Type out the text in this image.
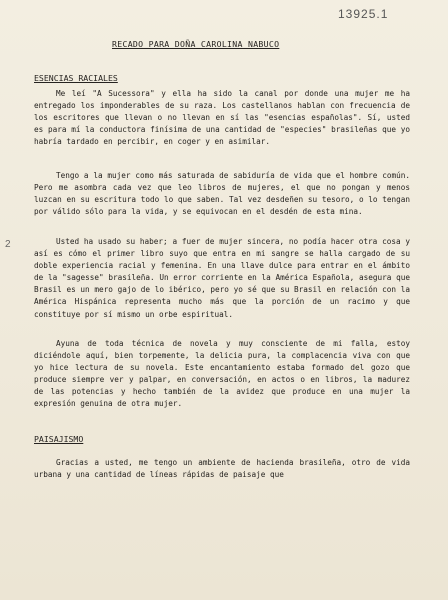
13925.1
RECADO PARA DOÑA CAROLINA NABUCO
ESENCIAS RACIALES
Me leí "A Sucessora" y ella ha sido la canal por donde una mujer me ha entregado los imponderables de su raza. Los castellanos hablan con frecuencia de los escritores que llevan o no llevan en sí las "esencias españolas". Sí, usted es para mí la conductora finísima de una cantidad de "especies" brasileñas que yo habría tardado en percibir, en coger y en asimilar.
Tengo a la mujer como más saturada de sabiduría de vida que el hombre común. Pero me asombra cada vez que leo libros de mujeres, el que no pongan y menos luzcan en su escritura todo lo que saben. Tal vez desdeñen su tesoro, o lo tengan por válido sólo para la vida, y se equivocan en el desdén de esta mina.
2	Usted ha usado su haber; a fuer de mujer sincera, no podía hacer otra cosa y así es cómo el primer libro suyo que entra en mi sangre se halla cargado de su doble experiencia racial y femenina. En una llave dulce para entrar en el ámbito de la "sagesse" brasileña. Un error corriente en la América Española, asegura que Brasil es un mero gajo de lo ibérico, pero yo sé que su Brasil en relación con la América Hispánica representa mucho más que la porción de un racimo y que constituye por sí mismo un orbe espiritual.
Ayuna de toda técnica de novela y muy consciente de mi falla, estoy diciéndole aquí, bien torpemente, la delicia pura, la complacencia viva con que yo hice lectura de su novela. Este encantamiento estaba formado del gozo que produce siempre ver y palpar, en conversación, en actos o en libros, la madurez de las potencias y hecho también de la avidez que produce en una mujer la expresión genuina de otra mujer.
PAISAJISMO
Gracias a usted, me tengo un ambiente de hacienda brasileña, otro de vida urbana y una cantidad de líneas rápidas de paisaje que
